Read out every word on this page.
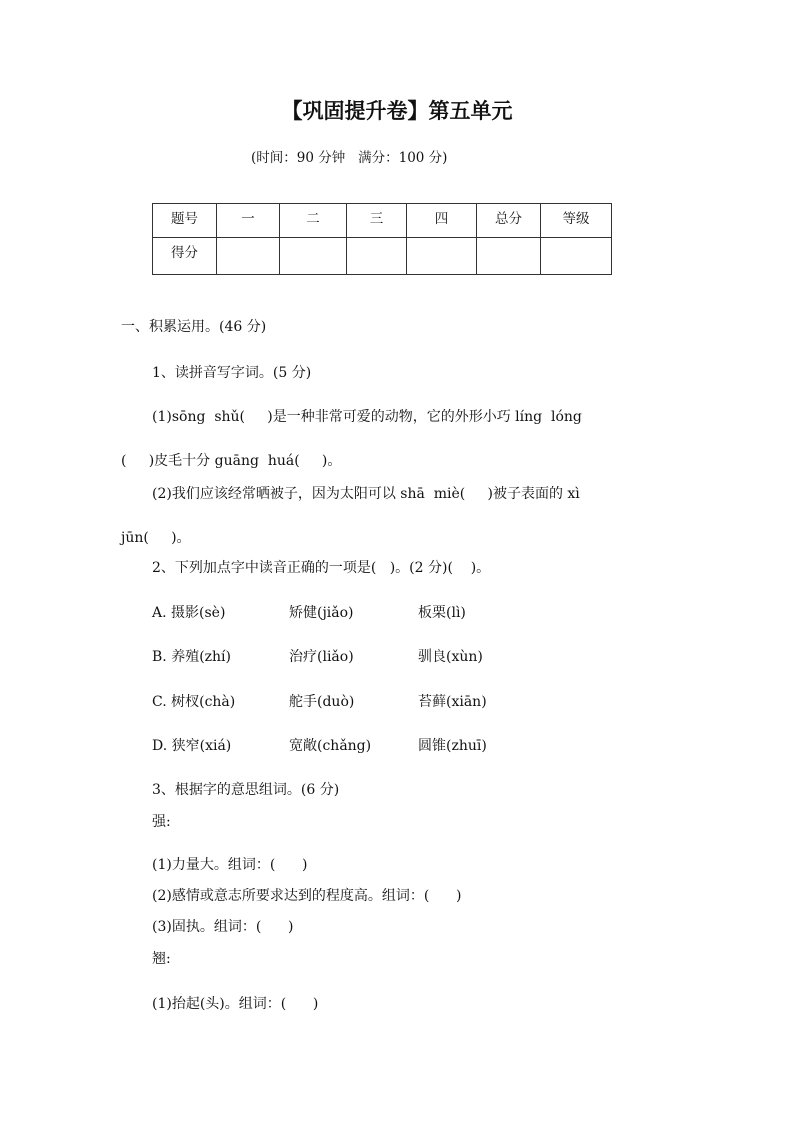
【巩固提升卷】第五单元
(时间：90 分钟   满分：100 分)
题号	一	二	三	四	总分	等级
得分						
一、积累运用。(46 分)
1、读拼音写字词。(5 分)
(1)sōng  shǔ(     )是一种非常可爱的动物，它的外形小巧 líng  lóng
(     )皮毛十分 guāng  huá(     )。
(2)我们应该经常晒被子，因为太阳可以 shā  miè(     )被子表面的 xì
jūn(     )。
2、下列加点字中读音正确的一项是(   )。(2 分)(    )。
A. 摄影(sè)	矫健(jiǎo)	板栗(lì)
B. 养殖(zhí)	治疗(liǎo)	驯良(xùn)
C. 树杈(chà)	舵手(duò)	苔藓(xiān)
D. 狭窄(xiá)	宽敞(chǎng)	圆锥(zhuī)
3、根据字的意思组词。(6 分)
强:
(1)力量大。组词：(      )
(2)感情或意志所要求达到的程度高。组词：(      )
(3)固执。组词：(      )
翘:
(1)抬起(头)。组词：(      )
